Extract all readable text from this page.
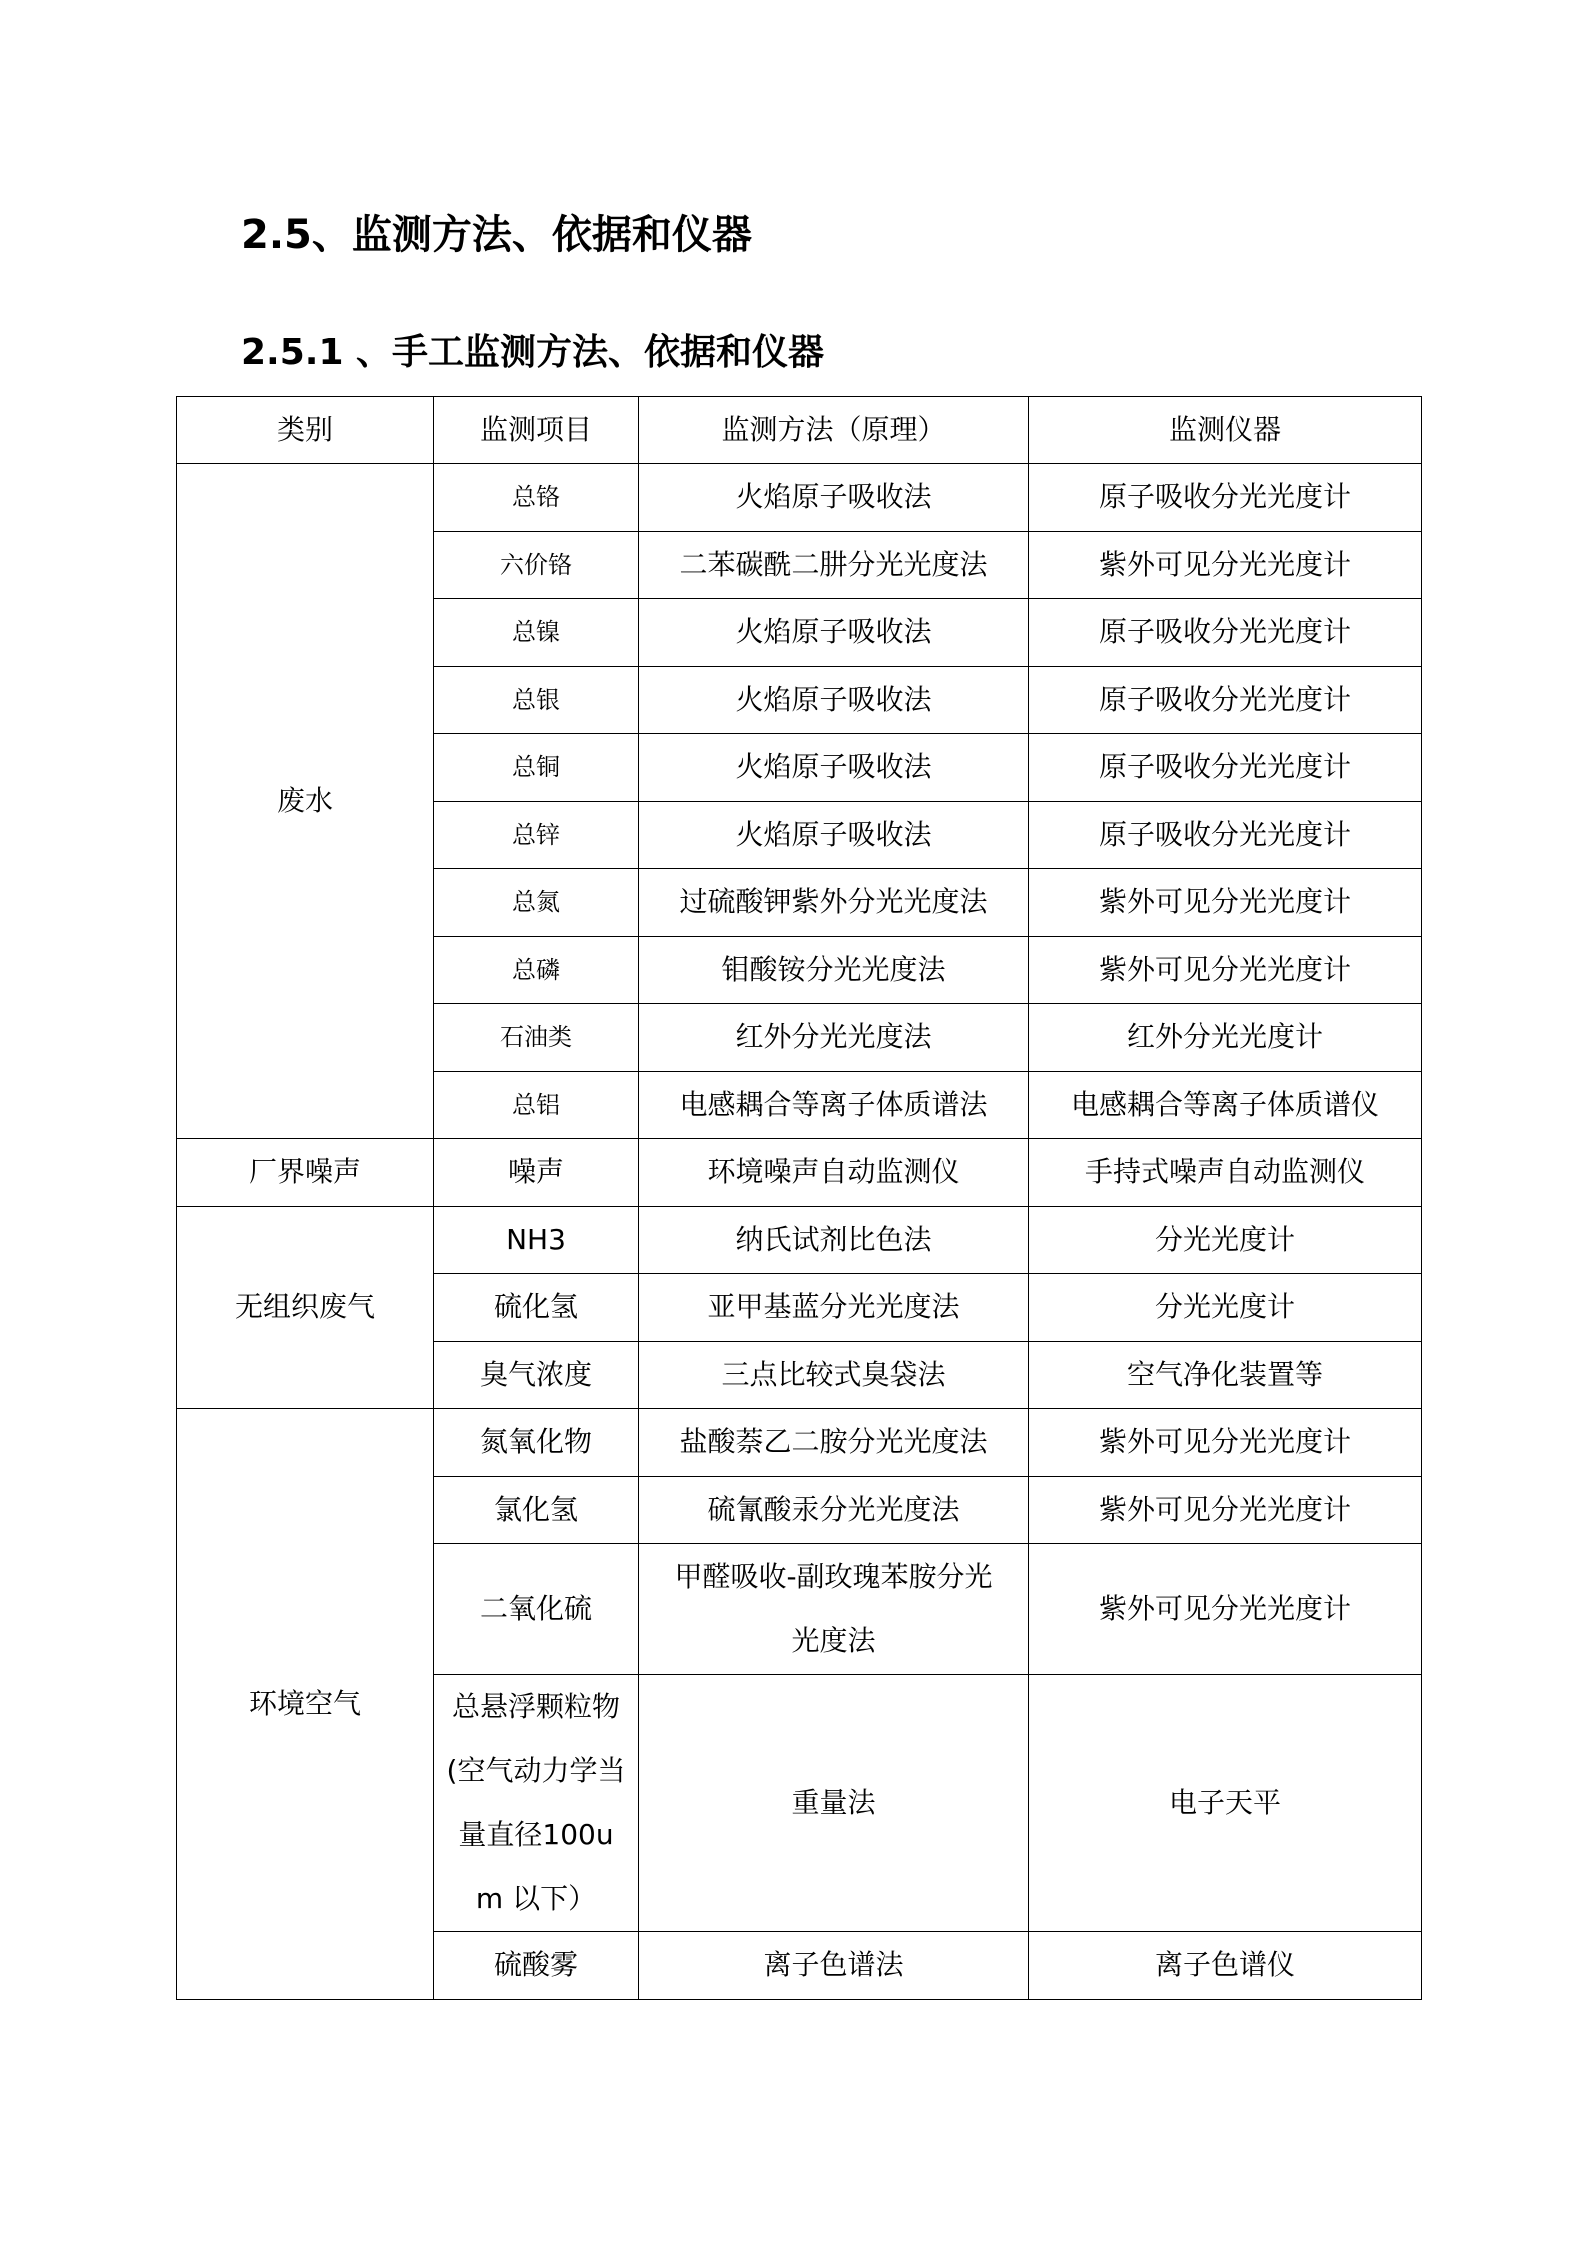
2.5、监测方法、依据和仪器
2.5.1 、手工监测方法、依据和仪器
类别	监测项目	监测方法（原理）	监测仪器
废水	总铬	火焰原子吸收法	原子吸收分光光度计
	六价铬	二苯碳酰二肼分光光度法	紫外可见分光光度计
	总镍	火焰原子吸收法	原子吸收分光光度计
	总银	火焰原子吸收法	原子吸收分光光度计
	总铜	火焰原子吸收法	原子吸收分光光度计
	总锌	火焰原子吸收法	原子吸收分光光度计
	总氮	过硫酸钾紫外分光光度法	紫外可见分光光度计
	总磷	钼酸铵分光光度法	紫外可见分光光度计
	石油类	红外分光光度法	红外分光光度计
	总铝	电感耦合等离子体质谱法	电感耦合等离子体质谱仪
厂界噪声	噪声	环境噪声自动监测仪	手持式噪声自动监测仪
无组织废气	NH3	纳氏试剂比色法	分光光度计
	硫化氢	亚甲基蓝分光光度法	分光光度计
	臭气浓度	三点比较式臭袋法	空气净化装置等
环境空气	氮氧化物	盐酸萘乙二胺分光光度法	紫外可见分光光度计
	氯化氢	硫氰酸汞分光光度法	紫外可见分光光度计
	二氧化硫	甲醛吸收-副玫瑰苯胺分光光度法	紫外可见分光光度计
	总悬浮颗粒物(空气动力学当量直径100um 以下）	重量法	电子天平
	硫酸雾	离子色谱法	离子色谱仪
